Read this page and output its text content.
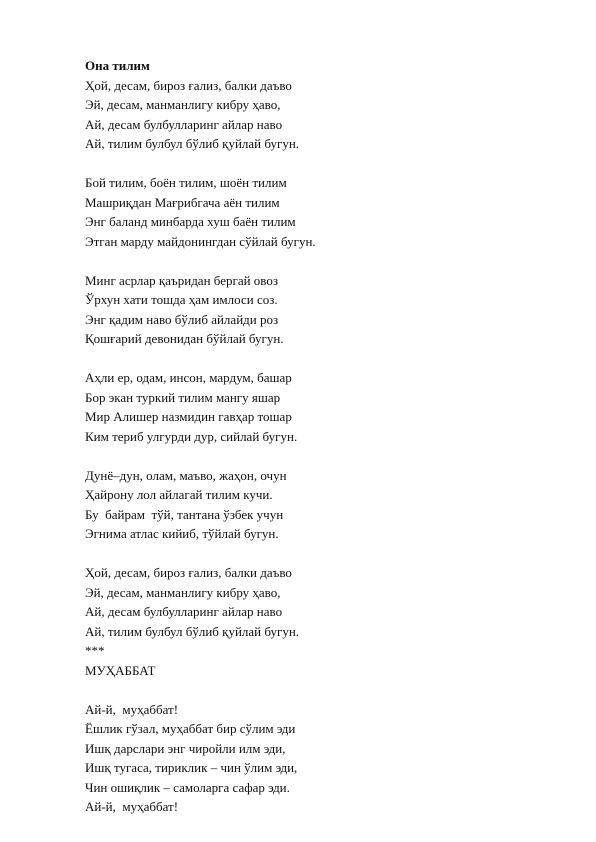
Она тилим
Ҳой, десам, бироз ғализ, балки даъво
Эй, десам, манманлигу кибру ҳаво,
Ай, десам булбулларинг айлар наво
Ай, тилим булбул бўлиб қуйлай бугун.
Бой тилим, боён тилим, шоён тилим
Машриқдан Мағрибгача аён тилим
Энг баланд минбарда хуш баён тилим
Этган марду майдонингдан сўйлай бугун.
Минг асрлар қаъридан бергай овоз
Ўрхун хати тошда ҳам имлоси соз.
Энг қадим наво бўлиб айлайди роз
Қошғарий девонидан бўйлай бугун.
Аҳли ер, одам, инсон, мардум, башар
Бор экан туркий тилим мангу яшар
Мир Алишер назмидин гавҳар тошар
Ким териб улгурди дур, сийлай бугун.
Дунё–дун, олам, маъво, жаҳон, очун
Ҳайрону лол айлагай тилим кучи.
Бу  байрам  тўй, тантана ўзбек учун
Эгнима атлас кийиб, тўйлай бугун.
Ҳой, десам, бироз ғализ, балки даъво
Эй, десам, манманлигу кибру ҳаво,
Ай, десам булбулларинг айлар наво
Ай, тилим булбул бўлиб қуйлай бугун.
***
МУҲАББАТ
Ай-й,  муҳаббат!
Ёшлик гўзал, муҳаббат бир сўлим эди
Ишқ дарслари энг чиройли илм эди,
Ишқ тугаса, тириклик – чин ўлим эди,
Чин ошиқлик – самоларга сафар эди.
Ай-й,  муҳаббат!
